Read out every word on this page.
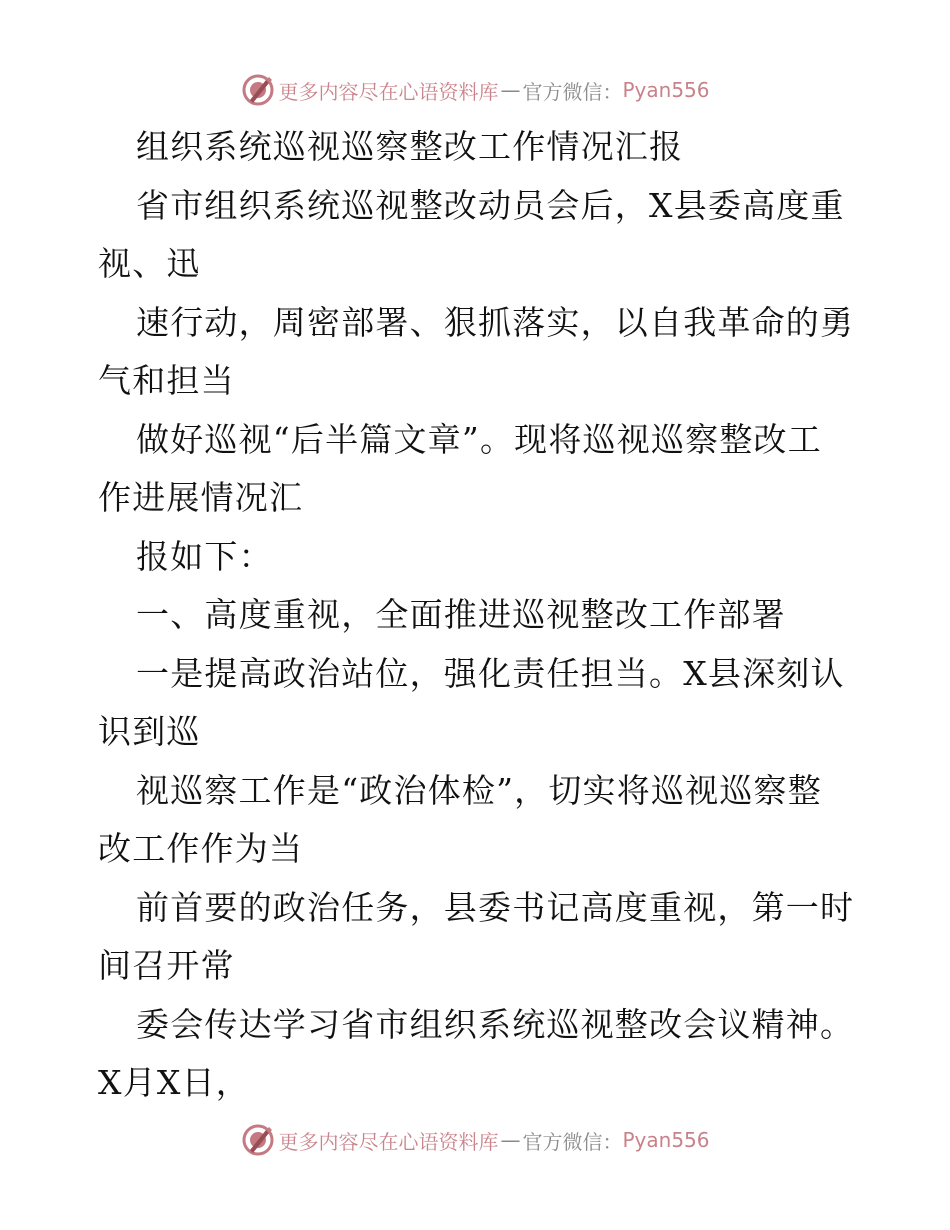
更多内容尽在心语资料库 — 官方微信： Pyan556
组织系统巡视巡察整改工作情况汇报
省市组织系统巡视整改动员会后，X县委高度重
视、迅
速行动，周密部署、狠抓落实，以自我革命的勇
气和担当
做好巡视“后半篇文章”。现将巡视巡察整改工
作进展情况汇
报如下：
一、高度重视，全面推进巡视整改工作部署
一是提高政治站位，强化责任担当。X县深刻认
识到巡
视巡察工作是“政治体检”，切实将巡视巡察整
改工作作为当
前首要的政治任务，县委书记高度重视，第一时
间召开常
委会传达学习省市组织系统巡视整改会议精神。
X月X日，
更多内容尽在心语资料库 — 官方微信： Pyan556
